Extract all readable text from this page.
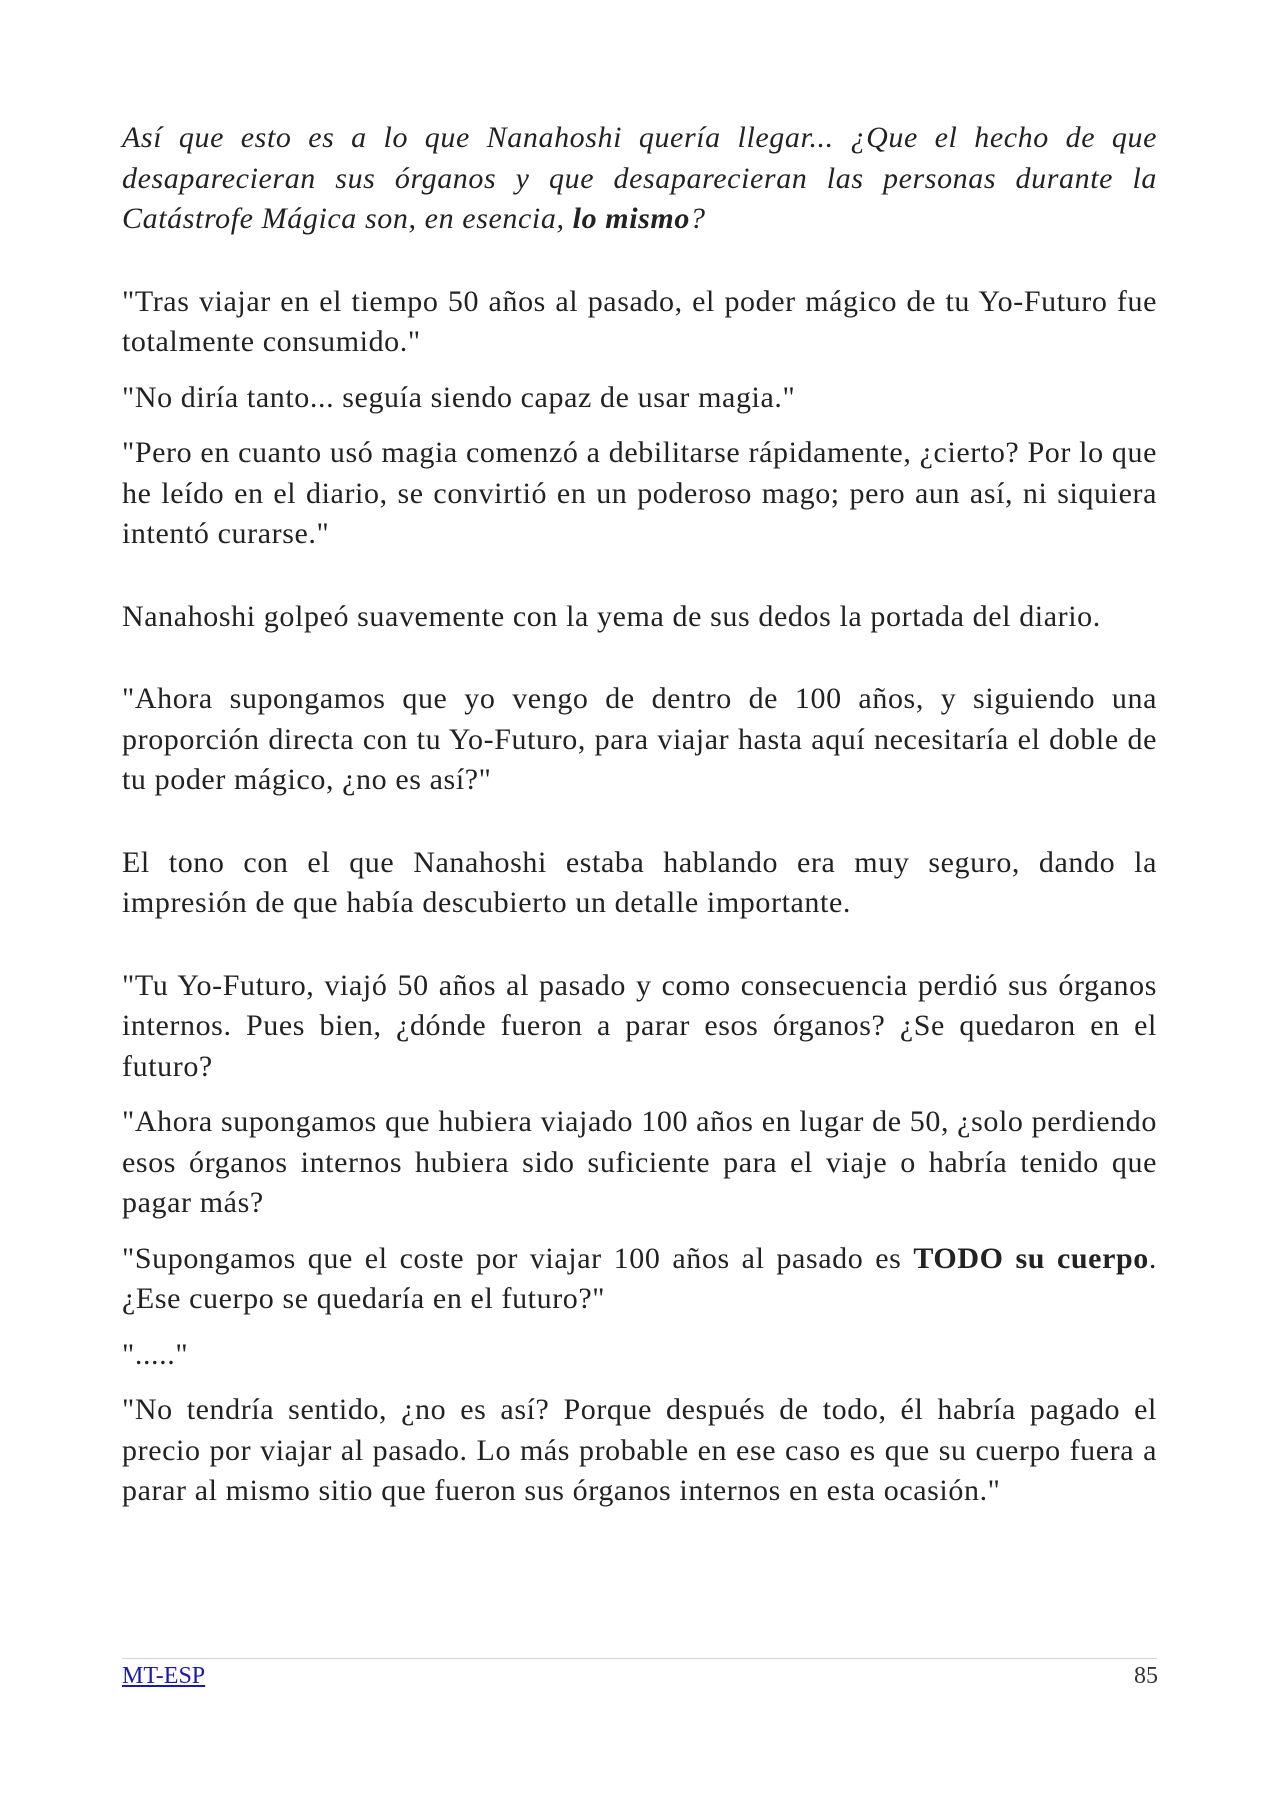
Así que esto es a lo que Nanahoshi quería llegar... ¿Que el hecho de que desaparecieran sus órganos y que desaparecieran las personas durante la Catástrofe Mágica son, en esencia, lo mismo?

"Tras viajar en el tiempo 50 años al pasado, el poder mágico de tu Yo-Futuro fue totalmente consumido."

"No diría tanto... seguía siendo capaz de usar magia."

"Pero en cuanto usó magia comenzó a debilitarse rápidamente, ¿cierto? Por lo que he leído en el diario, se convirtió en un poderoso mago; pero aun así, ni siquiera intentó curarse."

Nanahoshi golpeó suavemente con la yema de sus dedos la portada del diario.

"Ahora supongamos que yo vengo de dentro de 100 años, y siguiendo una proporción directa con tu Yo-Futuro, para viajar hasta aquí necesitaría el doble de tu poder mágico, ¿no es así?"

El tono con el que Nanahoshi estaba hablando era muy seguro, dando la impresión de que había descubierto un detalle importante.

"Tu Yo-Futuro, viajó 50 años al pasado y como consecuencia perdió sus órganos internos. Pues bien, ¿dónde fueron a parar esos órganos? ¿Se quedaron en el futuro?

"Ahora supongamos que hubiera viajado 100 años en lugar de 50, ¿solo perdiendo esos órganos internos hubiera sido suficiente para el viaje o habría tenido que pagar más?

"Supongamos que el coste por viajar 100 años al pasado es TODO su cuerpo. ¿Ese cuerpo se quedaría en el futuro?"

"....."

"No tendría sentido, ¿no es así? Porque después de todo, él habría pagado el precio por viajar al pasado. Lo más probable en ese caso es que su cuerpo fuera a parar al mismo sitio que fueron sus órganos internos en esta ocasión."

MT-ESP	85
